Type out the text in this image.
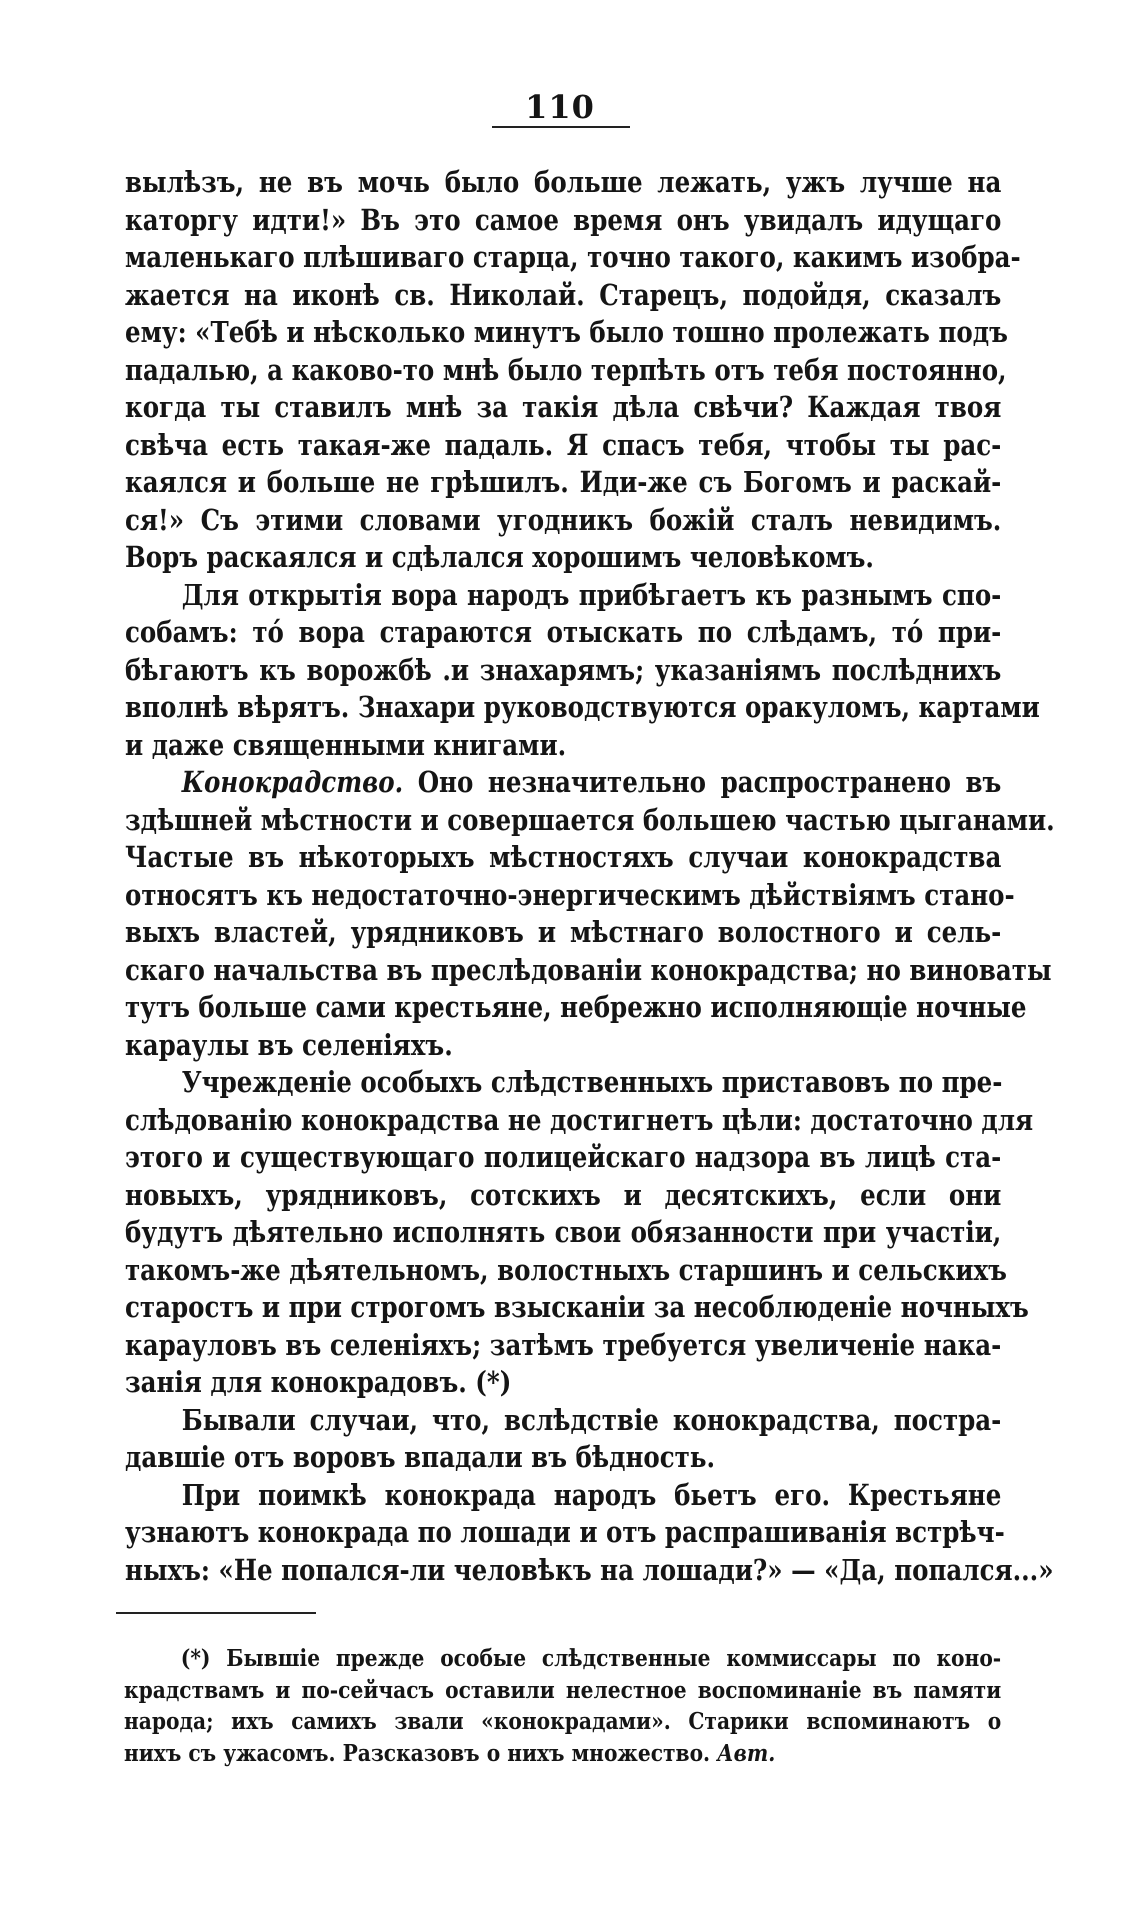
110
вылѣзъ, не въ мочь было больше лежать, ужъ лучше на
каторгу идти!» Въ это самое время онъ увидалъ идущаго
маленькаго плѣшиваго старца, точно такого, какимъ изобра-
жается на иконѣ св. Николай. Старецъ, подойдя, сказалъ
ему: «Тебѣ и нѣсколько минутъ было тошно пролежать подъ
падалью, а каково-то мнѣ было терпѣть отъ тебя постоянно,
когда ты ставилъ мнѣ за такія дѣла свѣчи? Каждая твоя
свѣча есть такая-же падаль. Я спасъ тебя, чтобы ты рас-
каялся и больше не грѣшилъ. Иди-же съ Богомъ и раскай-
ся!» Съ этими словами угодникъ божій сталъ невидимъ.
Воръ раскаялся и сдѣлался хорошимъ человѣкомъ.
Для открытія вора народъ прибѣгаетъ къ разнымъ спо-
собамъ: то́ вора стараются отыскать по слѣдамъ, то́ при-
бѣгаютъ къ ворожбѣ .и знахарямъ; указаніямъ послѣднихъ
вполнѣ вѣрятъ. Знахари руководствуются оракуломъ, картами
и даже священными книгами.
Конокрадство. Оно незначительно распространено въ
здѣшней мѣстности и совершается большею частью цыганами.
Частые въ нѣкоторыхъ мѣстностяхъ случаи конокрадства
относятъ къ недостаточно-энергическимъ дѣйствіямъ стано-
выхъ властей, урядниковъ и мѣстнаго волостного и сель-
скаго начальства въ преслѣдованіи конокрадства; но виноваты
тутъ больше сами крестьяне, небрежно исполняющіе ночные
караулы въ селеніяхъ.
Учрежденіе особыхъ слѣдственныхъ приставовъ по пре-
слѣдованію конокрадства не достигнетъ цѣли: достаточно для
этого и существующаго полицейскаго надзора въ лицѣ ста-
новыхъ, урядниковъ, сотскихъ и десятскихъ, если они
будутъ дѣятельно исполнять свои обязанности при участіи,
такомъ-же дѣятельномъ, волостныхъ старшинъ и сельскихъ
старостъ и при строгомъ взысканіи за несоблюденіе ночныхъ
карауловъ въ селеніяхъ; затѣмъ требуется увеличеніе нака-
занія для конокрадовъ. (*)
Бывали случаи, что, вслѣдствіе конокрадства, постра-
давшіе отъ воровъ впадали въ бѣдность.
При поимкѣ конокрада народъ бьетъ его. Крестьяне
узнаютъ конокрада по лошади и отъ распрашиванія встрѣч-
ныхъ: «Не попался-ли человѣкъ на лошади?» — «Да, попался...»
(*) Бывшіе прежде особые слѣдственные коммиссары по коно-
крадствамъ и по-сейчасъ оставили нелестное воспоминаніе въ памяти
народа; ихъ самихъ звали «конокрадами». Старики вспоминаютъ о
нихъ съ ужасомъ. Разсказовъ о нихъ множество. Авт.
